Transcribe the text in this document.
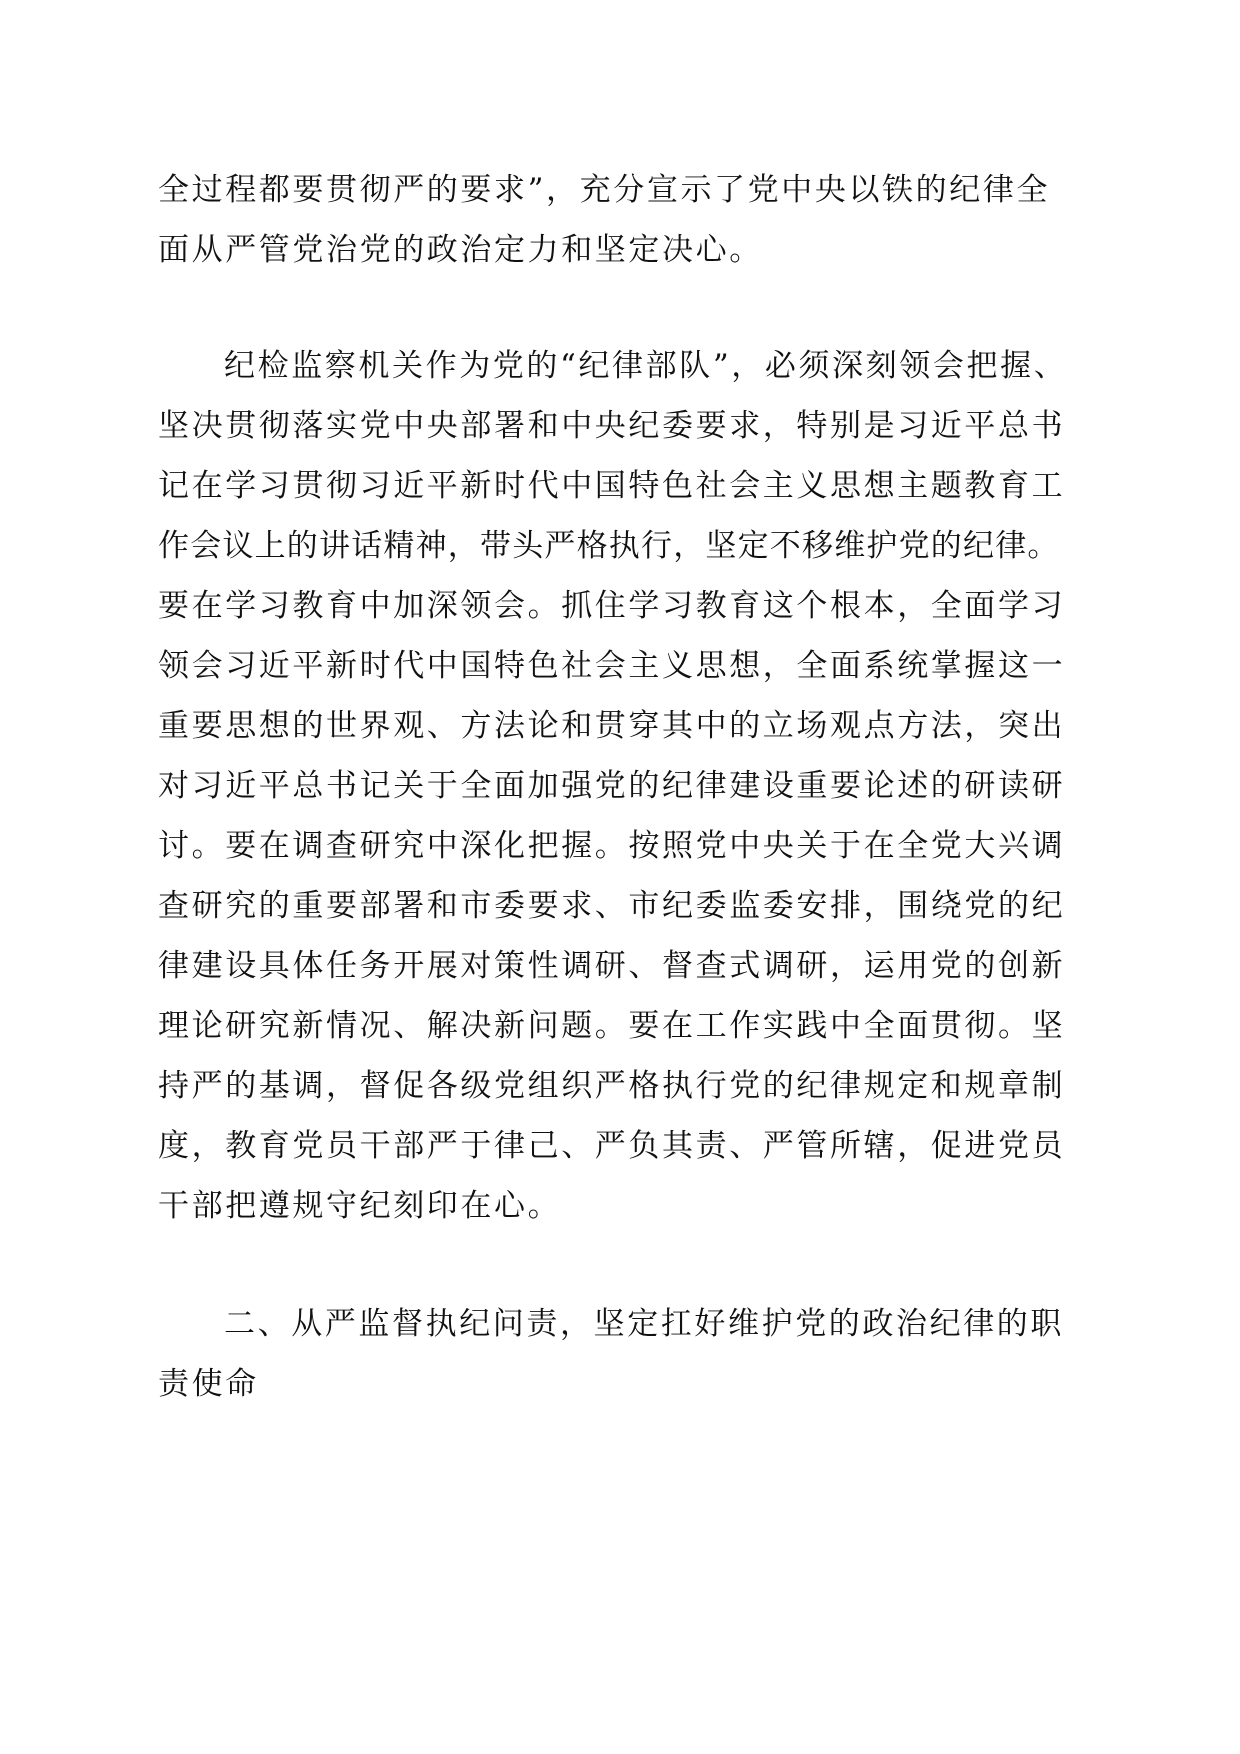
全过程都要贯彻严的要求”，充分宣示了党中央以铁的纪律全
面从严管党治党的政治定力和坚定决心。
纪检监察机关作为党的“纪律部队”，必须深刻领会把握、
坚决贯彻落实党中央部署和中央纪委要求，特别是习近平总书
记在学习贯彻习近平新时代中国特色社会主义思想主题教育工
作会议上的讲话精神，带头严格执行，坚定不移维护党的纪律。
要在学习教育中加深领会。抓住学习教育这个根本，全面学习
领会习近平新时代中国特色社会主义思想，全面系统掌握这一
重要思想的世界观、方法论和贯穿其中的立场观点方法，突出
对习近平总书记关于全面加强党的纪律建设重要论述的研读研
讨。要在调查研究中深化把握。按照党中央关于在全党大兴调
查研究的重要部署和市委要求、市纪委监委安排，围绕党的纪
律建设具体任务开展对策性调研、督查式调研，运用党的创新
理论研究新情况、解决新问题。要在工作实践中全面贯彻。坚
持严的基调，督促各级党组织严格执行党的纪律规定和规章制
度，教育党员干部严于律己、严负其责、严管所辖，促进党员
干部把遵规守纪刻印在心。
二、从严监督执纪问责，坚定扛好维护党的政治纪律的职
责使命
